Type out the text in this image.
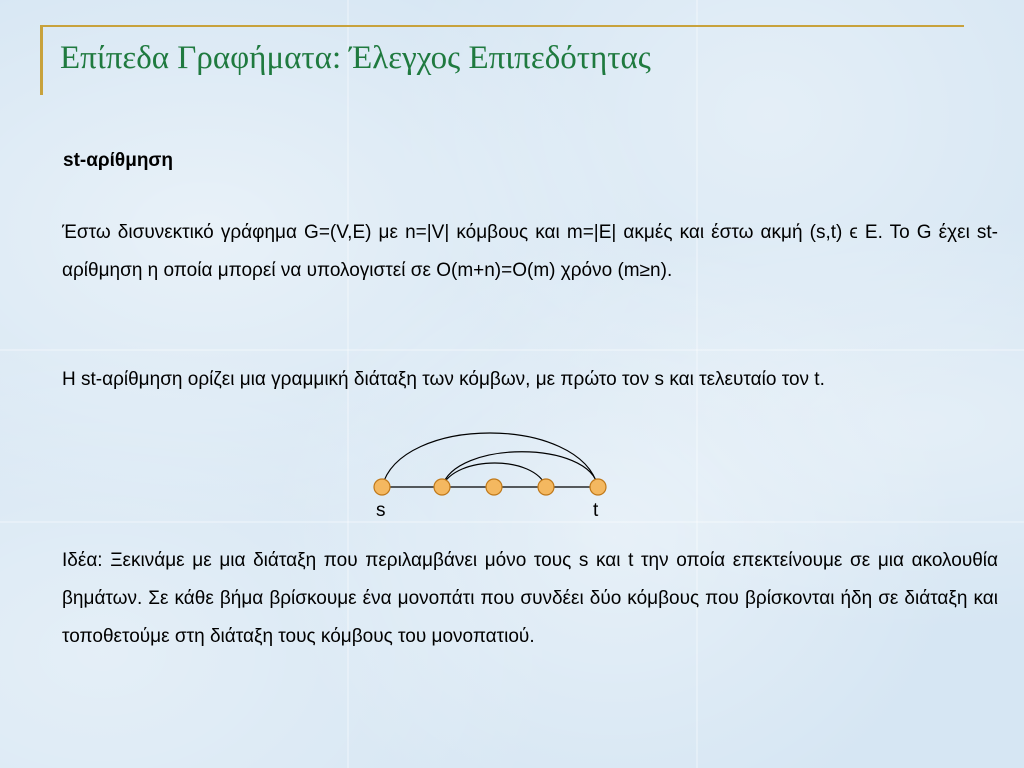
Επίπεδα Γραφήματα: Έλεγχος Επιπεδότητας
st-αρίθμηση
Έστω δισυνεκτικό γράφημα G=(V,E) με n=|V| κόμβους και m=|E| ακμές και έστω ακμή (s,t) ϵ E. To G έχει st-αρίθμηση η οποία μπορεί να υπολογιστεί σε O(m+n)=O(m) χρόνο (m≥n).
Η st-αρίθμηση ορίζει μια γραμμική διάταξη των κόμβων, με πρώτο τον s και τελευταίο τον t.
s	t
Ιδέα: Ξεκινάμε με μια διάταξη που περιλαμβάνει μόνο τους s και t την οποία επεκτείνουμε σε μια ακολουθία βημάτων. Σε κάθε βήμα βρίσκουμε ένα μονοπάτι που συνδέει δύο κόμβους που βρίσκονται ήδη σε διάταξη και τοποθετούμε στη διάταξη τους κόμβους του μονοπατιού.
